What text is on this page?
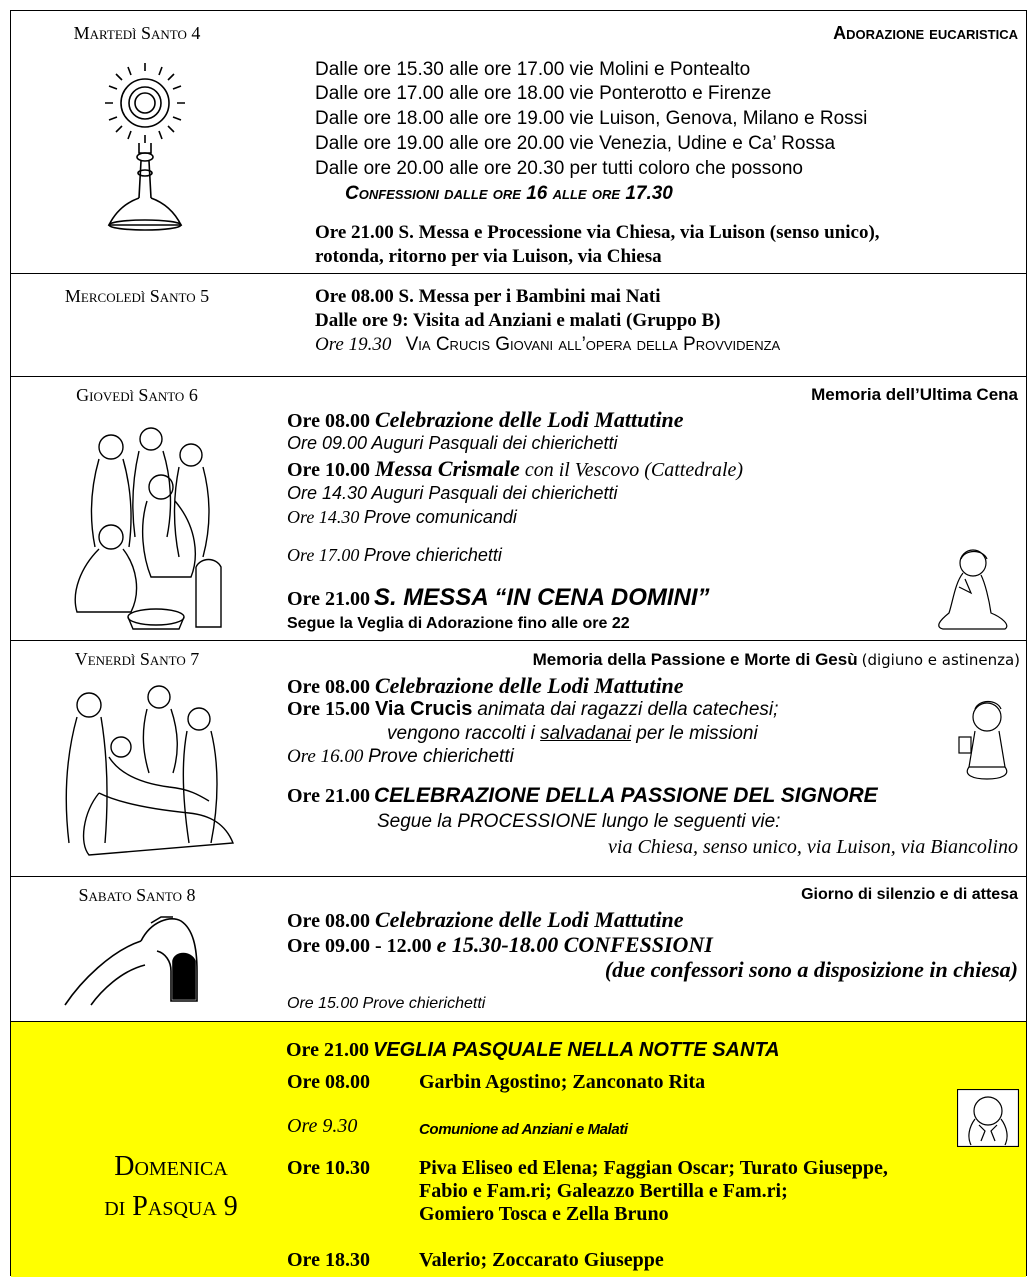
Martedì Santo 4	Adorazione eucaristica
Dalle ore 15.30 alle ore 17.00 vie Molini e Pontealto
Dalle ore 17.00 alle ore 18.00 vie Ponterotto e Firenze
Dalle ore 18.00 alle ore 19.00 vie Luison, Genova, Milano e Rossi
Dalle ore 19.00 alle ore 20.00 vie Venezia, Udine e Ca’ Rossa
Dalle ore 20.00 alle ore 20.30 per tutti coloro che possono
Confessioni dalle ore 16 alle ore 17.30
Ore 21.00 S. Messa e Processione via Chiesa, via Luison (senso unico),
rotonda, ritorno per via Luison, via Chiesa
Mercoledì Santo 5	Ore 08.00 S. Messa per i Bambini mai Nati
Dalle ore 9: Visita ad Anziani e malati (Gruppo B)
Ore 19.30 Via Crucis Giovani all’opera della Provvidenza
Giovedì Santo 6	Memoria dell’Ultima Cena
Ore 08.00 Celebrazione delle Lodi Mattutine
Ore 09.00 Auguri Pasquali dei chierichetti
Ore 10.00 Messa Crismale con il Vescovo (Cattedrale)
Ore 14.30 Auguri Pasquali dei chierichetti
Ore 14.30 Prove comunicandi
Ore 17.00 Prove chierichetti
Ore 21.00 S. MESSA “IN CENA DOMINI”
Segue la Veglia di Adorazione fino alle ore 22
Venerdì Santo 7	Memoria della Passione e Morte di Gesù (digiuno e astinenza)
Ore 08.00 Celebrazione delle Lodi Mattutine
Ore 15.00 Via Crucis animata dai ragazzi della catechesi;
vengono raccolti i salvadanai per le missioni
Ore 16.00 Prove chierichetti
Ore 21.00 CELEBRAZIONE DELLA PASSIONE DEL SIGNORE
Segue la PROCESSIONE lungo le seguenti vie:
via Chiesa, senso unico, via Luison, via Biancolino
Sabato Santo 8	Giorno di silenzio e di attesa
Ore 08.00 Celebrazione delle Lodi Mattutine
Ore 09.00 - 12.00 e 15.30-18.00 CONFESSIONI
(due confessori sono a disposizione in chiesa)
Ore 15.00 Prove chierichetti
Domenica
di Pasqua 9
Ore 08.00 Garbin Agostino; Zanconato Rita
Ore 9.30	Comunione ad Anziani e Malati
Ore 10.30 Piva Eliseo ed Elena; Faggian Oscar; Turato Giuseppe,
Fabio e Fam.ri; Galeazzo Bertilla e Fam.ri;
Gomiero Tosca e Zella Bruno
Ore 18.30 Valerio; Zoccarato Giuseppe
Ore 21.00 VEGLIA PASQUALE NELLA NOTTE SANTA
